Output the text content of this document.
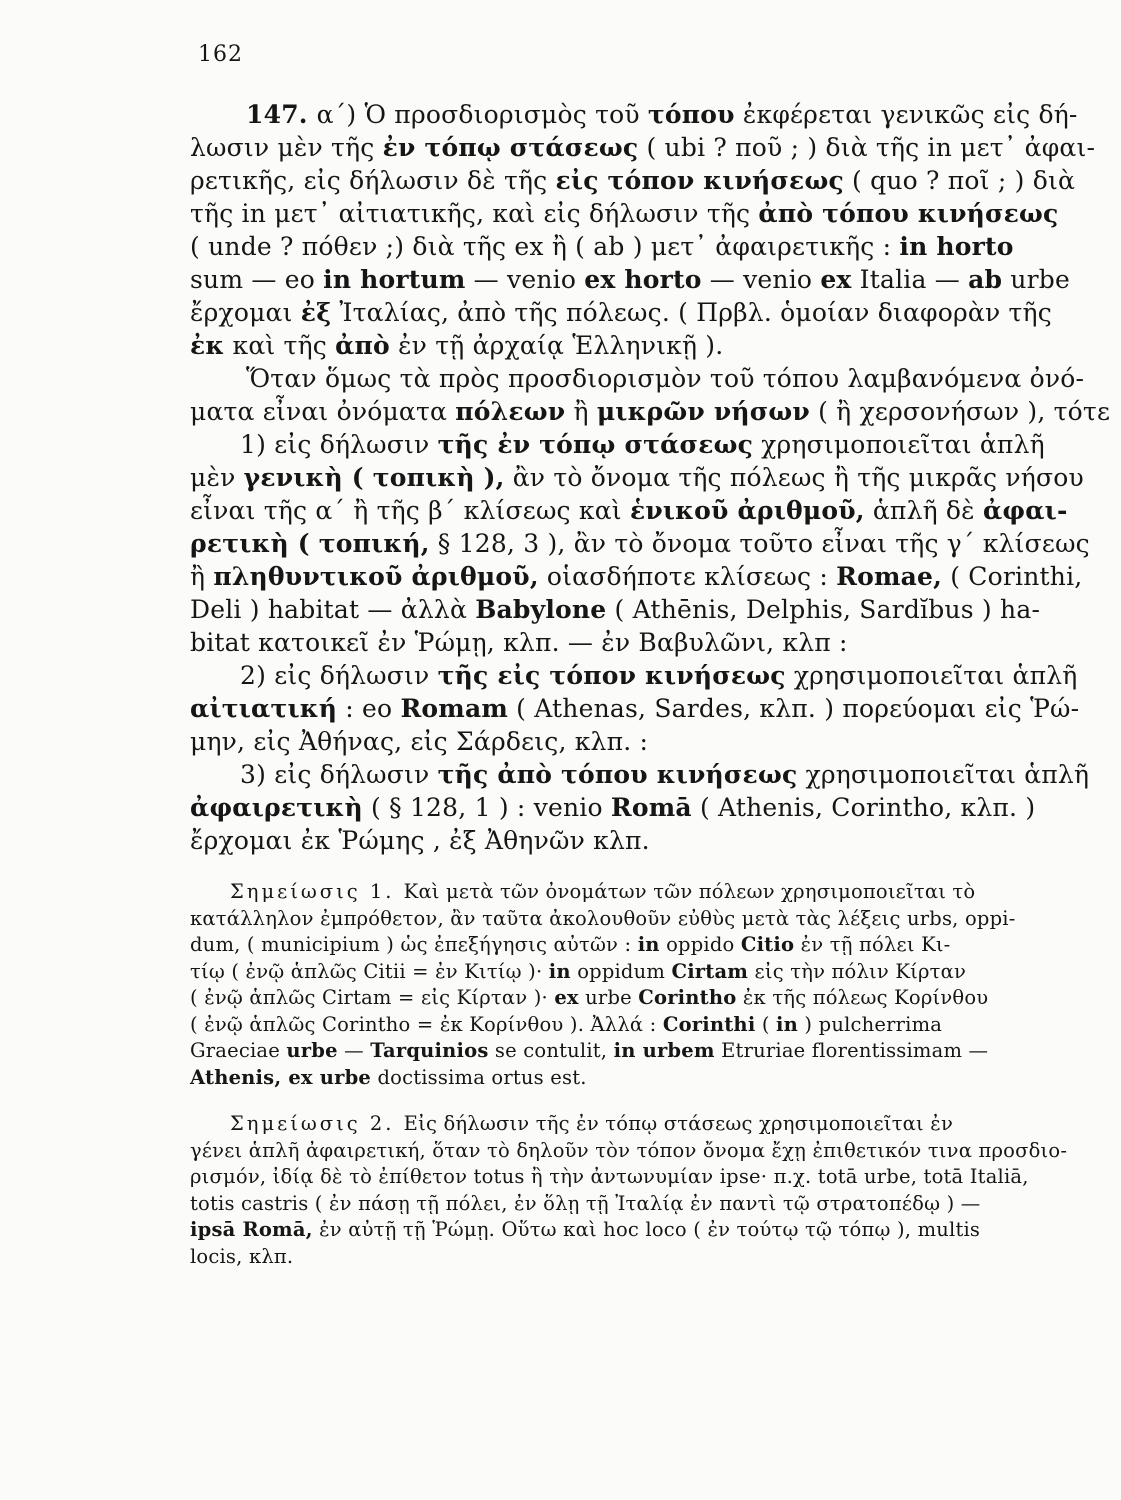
162
147. α΄) Ὁ προσδιορισμὸς τοῦ τόπου ἐκφέρεται γενικῶς εἰς δή-
λωσιν μὲν τῆς ἐν τόπῳ στάσεως ( ubi ? ποῦ ; ) διὰ τῆς in μετ᾽ ἀφαι-
ρετικῆς, εἰς δήλωσιν δὲ τῆς εἰς τόπον κινήσεως ( quo ? ποῖ ; ) διὰ
τῆς in μετ᾽ αἰτιατικῆς, καὶ εἰς δήλωσιν τῆς ἀπὸ τόπου κινήσεως
( unde ? πόθεν ;) διὰ τῆς ex ἢ ( ab ) μετ᾽ ἀφαιρετικῆς : in horto
sum — eo in hortum — venio ex horto — venio ex Italia — ab urbe
ἔρχομαι ἐξ Ἰταλίας, ἀπὸ τῆς πόλεως. ( Πρβλ. ὁμοίαν διαφορὰν τῆς
ἐκ καὶ τῆς ἀπὸ ἐν τῇ ἀρχαίᾳ Ἑλληνικῇ ).
Ὅταν ὅμως τὰ πρὸς προσδιορισμὸν τοῦ τόπου λαμβανόμενα ὀνό-
ματα εἶναι ὀνόματα πόλεων ἢ μικρῶν νήσων ( ἢ χερσονήσων ), τότε
1) εἰς δήλωσιν τῆς ἐν τόπῳ στάσεως χρησιμοποιεῖται ἁπλῆ
μὲν γενικὴ ( τοπικὴ ), ἂν τὸ ὄνομα τῆς πόλεως ἢ τῆς μικρᾶς νήσου
εἶναι τῆς α΄ ἢ τῆς β΄ κλίσεως καὶ ἑνικοῦ ἀριθμοῦ, ἁπλῆ δὲ ἀφαι-
ρετικὴ ( τοπική, § 128, 3 ), ἂν τὸ ὄνομα τοῦτο εἶναι τῆς γ΄ κλίσεως
ἢ πληθυντικοῦ ἀριθμοῦ, οἱασδήποτε κλίσεως : Romae, ( Corinthi,
Deli ) habitat — ἀλλὰ Babylone ( Athēnis, Delphis, Sardĭbus ) ha-
bitat κατοικεῖ ἐν Ῥώμῃ, κλπ. — ἐν Βαβυλῶνι, κλπ :
2) εἰς δήλωσιν τῆς εἰς τόπον κινήσεως χρησιμοποιεῖται ἁπλῆ
αἰτιατική : eo Romam ( Athenas, Sardes, κλπ. ) πορεύομαι εἰς Ῥώ-
μην, εἰς Ἀθήνας, εἰς Σάρδεις, κλπ. :
3) εἰς δήλωσιν τῆς ἀπὸ τόπου κινήσεως χρησιμοποιεῖται ἁπλῆ
ἀφαιρετικὴ ( § 128, 1 ) : venio Romā ( Athenis, Corintho, κλπ. )
ἔρχομαι ἐκ Ῥώμης , ἐξ Ἀθηνῶν κλπ.
Σημείωσις 1. Καὶ μετὰ τῶν ὀνομάτων τῶν πόλεων χρησιμοποιεῖται τὸ
κατάλληλον ἐμπρόθετον, ἂν ταῦτα ἀκολουθοῦν εὐθὺς μετὰ τὰς λέξεις urbs, oppi-
dum, ( municipium ) ὡς ἐπεξήγησις αὐτῶν : in oppido Citio ἐν τῇ πόλει Κι-
τίῳ ( ἐνῷ ἁπλῶς Citii = ἐν Κιτίῳ )· in oppidum Cirtam εἰς τὴν πόλιν Κίρταν
( ἐνῷ ἁπλῶς Cirtam = εἰς Κίρταν )· ex urbe Corintho ἐκ τῆς πόλεως Κορίνθου
( ἐνῷ ἁπλῶς Corintho = ἐκ Κορίνθου ). Ἀλλά : Corinthi ( in ) pulcherrima
Graeciae urbe — Tarquinios se contulit, in urbem Etruriae florentissimam —
Athenis, ex urbe doctissima ortus est.
Σημείωσις 2. Εἰς δήλωσιν τῆς ἐν τόπῳ στάσεως χρησιμοποιεῖται ἐν
γένει ἁπλῆ ἀφαιρετική, ὅταν τὸ δηλοῦν τὸν τόπον ὄνομα ἔχῃ ἐπιθετικόν τινα προσδιο-
ρισμόν, ἰδίᾳ δὲ τὸ ἐπίθετον totus ἢ τὴν ἀντωνυμίαν ipse· π.χ. totā urbe, totā Italiā,
totis castris ( ἐν πάσῃ τῇ πόλει, ἐν ὅλῃ τῇ Ἰταλίᾳ ἐν παντὶ τῷ στρατοπέδῳ ) —
ipsā Romā, ἐν αὐτῇ τῇ Ῥώμῃ. Οὕτω καὶ hoc loco ( ἐν τούτῳ τῷ τόπῳ ), multis
locis, κλπ.
